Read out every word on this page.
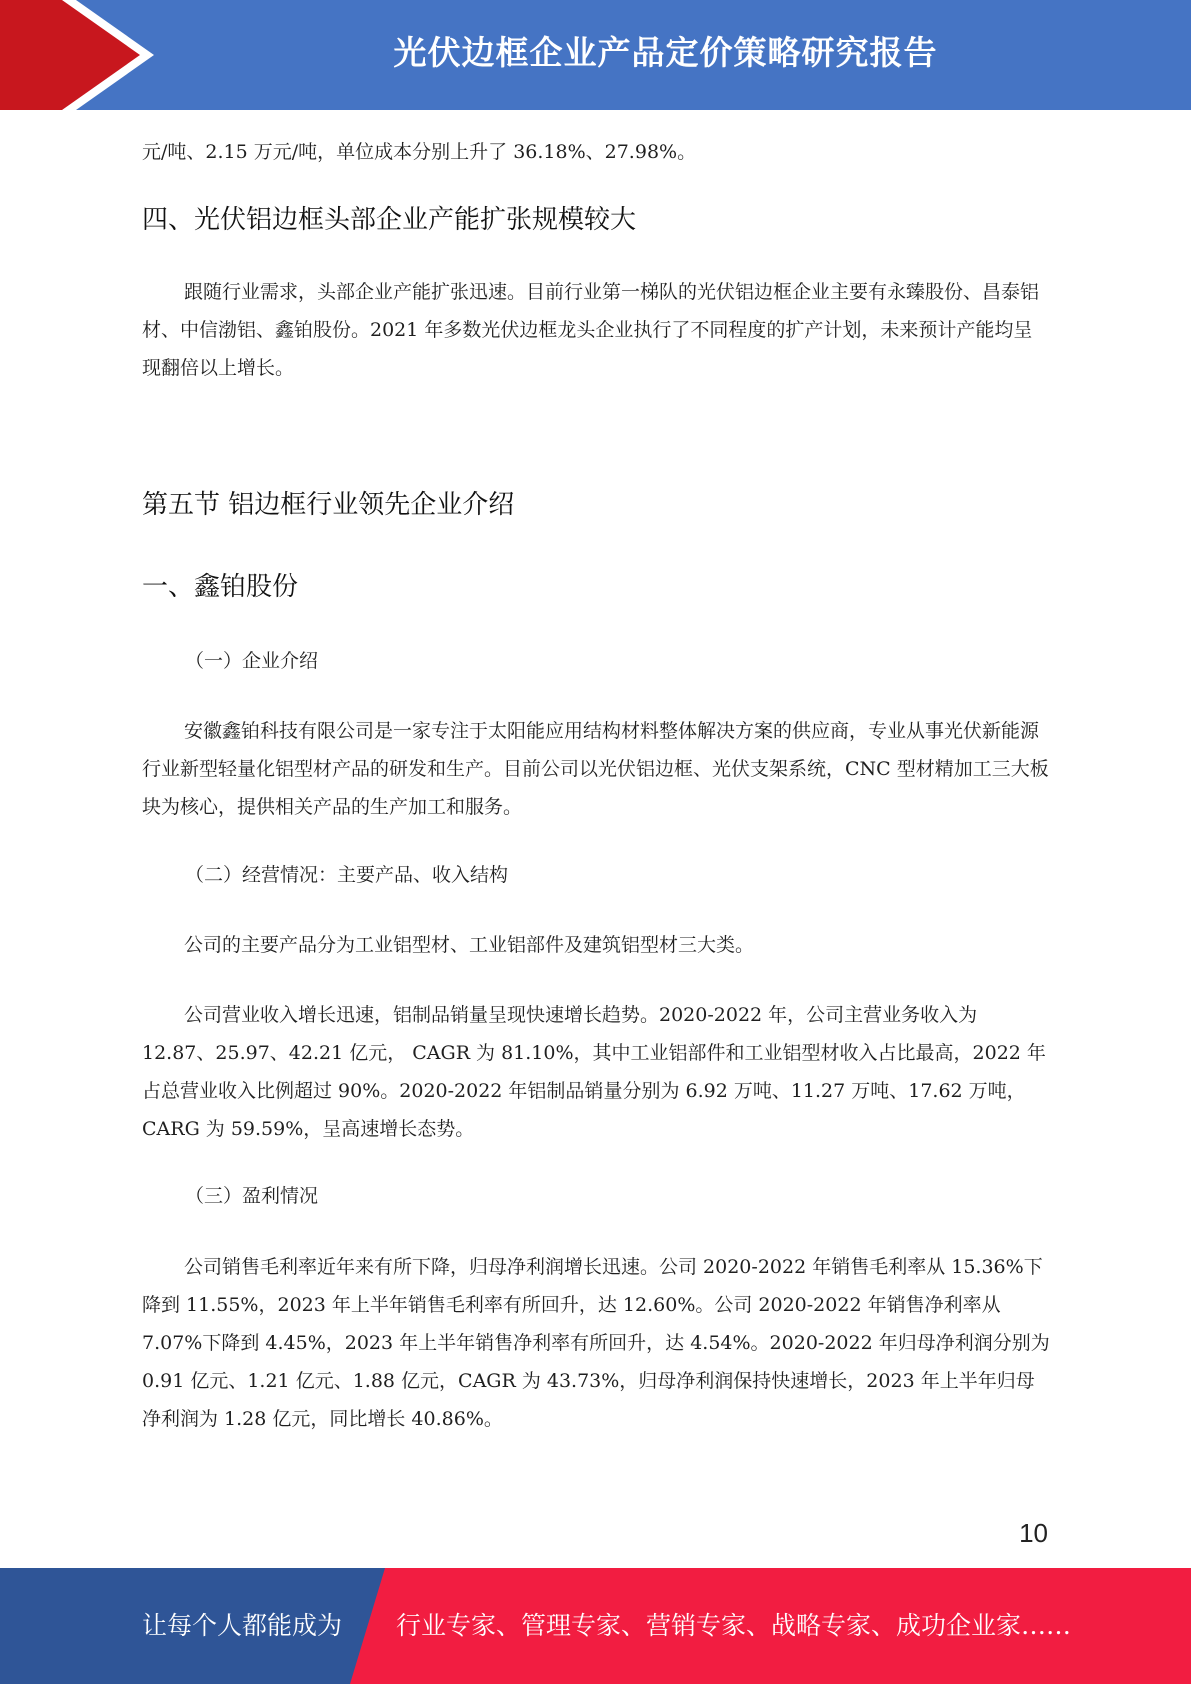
光伏边框企业产品定价策略研究报告

元/吨、2.15 万元/吨，单位成本分别上升了 36.18%、27.98%。

四、光伏铝边框头部企业产能扩张规模较大

跟随行业需求，头部企业产能扩张迅速。目前行业第一梯队的光伏铝边框企业主要有永臻股份、昌泰铝材、中信渤铝、鑫铂股份。2021 年多数光伏边框龙头企业执行了不同程度的扩产计划，未来预计产能均呈现翻倍以上增长。

第五节 铝边框行业领先企业介绍
一、鑫铂股份

（一）企业介绍

安徽鑫铂科技有限公司是一家专注于太阳能应用结构材料整体解决方案的供应商，专业从事光伏新能源行业新型轻量化铝型材产品的研发和生产。目前公司以光伏铝边框、光伏支架系统，CNC 型材精加工三大板块为核心，提供相关产品的生产加工和服务。

（二）经营情况：主要产品、收入结构

公司的主要产品分为工业铝型材、工业铝部件及建筑铝型材三大类。

公司营业收入增长迅速，铝制品销量呈现快速增长趋势。2020-2022 年，公司主营业务收入为 12.87、25.97、42.21 亿元， CAGR 为 81.10%，其中工业铝部件和工业铝型材收入占比最高，2022 年占总营业收入比例超过 90%。2020-2022 年铝制品销量分别为 6.92 万吨、11.27 万吨、17.62 万吨，CARG 为 59.59%，呈高速增长态势。

（三）盈利情况

公司销售毛利率近年来有所下降，归母净利润增长迅速。公司 2020-2022 年销售毛利率从 15.36%下降到 11.55%，2023 年上半年销售毛利率有所回升，达 12.60%。公司 2020-2022 年销售净利率从 7.07%下降到 4.45%，2023 年上半年销售净利率有所回升，达 4.54%。2020-2022 年归母净利润分别为 0.91 亿元、1.21 亿元、1.88 亿元，CAGR 为 43.73%，归母净利润保持快速增长，2023 年上半年归母净利润为 1.28 亿元，同比增长 40.86%。

10
让每个人都能成为 行业专家、管理专家、营销专家、战略专家、成功企业家……
